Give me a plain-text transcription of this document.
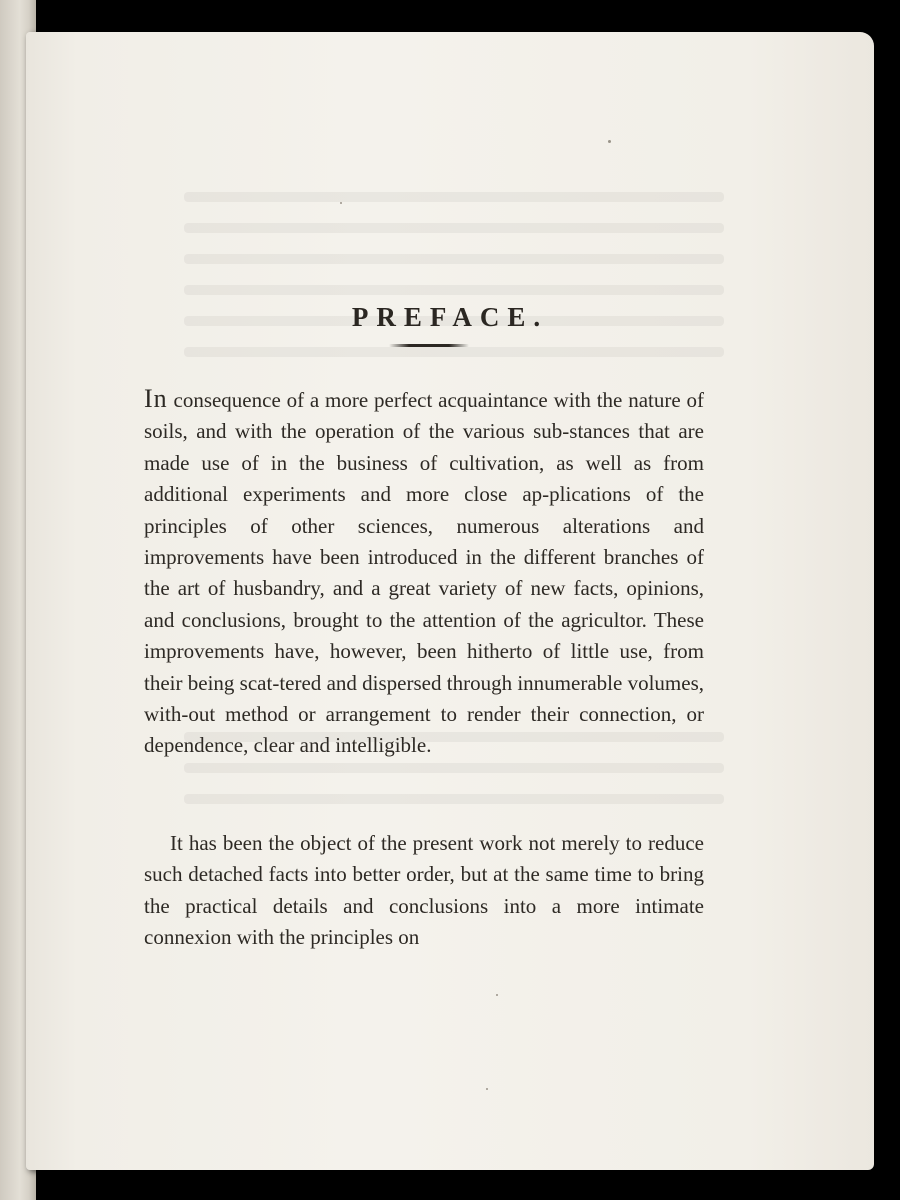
PREFACE.

In consequence of a more perfect acquaintance with the nature of soils, and with the operation of the various sub-stances that are made use of in the business of cultivation, as well as from additional experiments and more close ap-plications of the principles of other sciences, numerous alterations and improvements have been introduced in the different branches of the art of husbandry, and a great variety of new facts, opinions, and conclusions, brought to the attention of the agricultor. These improvements have, however, been hitherto of little use, from their being scat-tered and dispersed through innumerable volumes, with-out method or arrangement to render their connection, or dependence, clear and intelligible.

It has been the object of the present work not merely to reduce such detached facts into better order, but at the same time to bring the practical details and conclusions into a more intimate connexion with the principles on
